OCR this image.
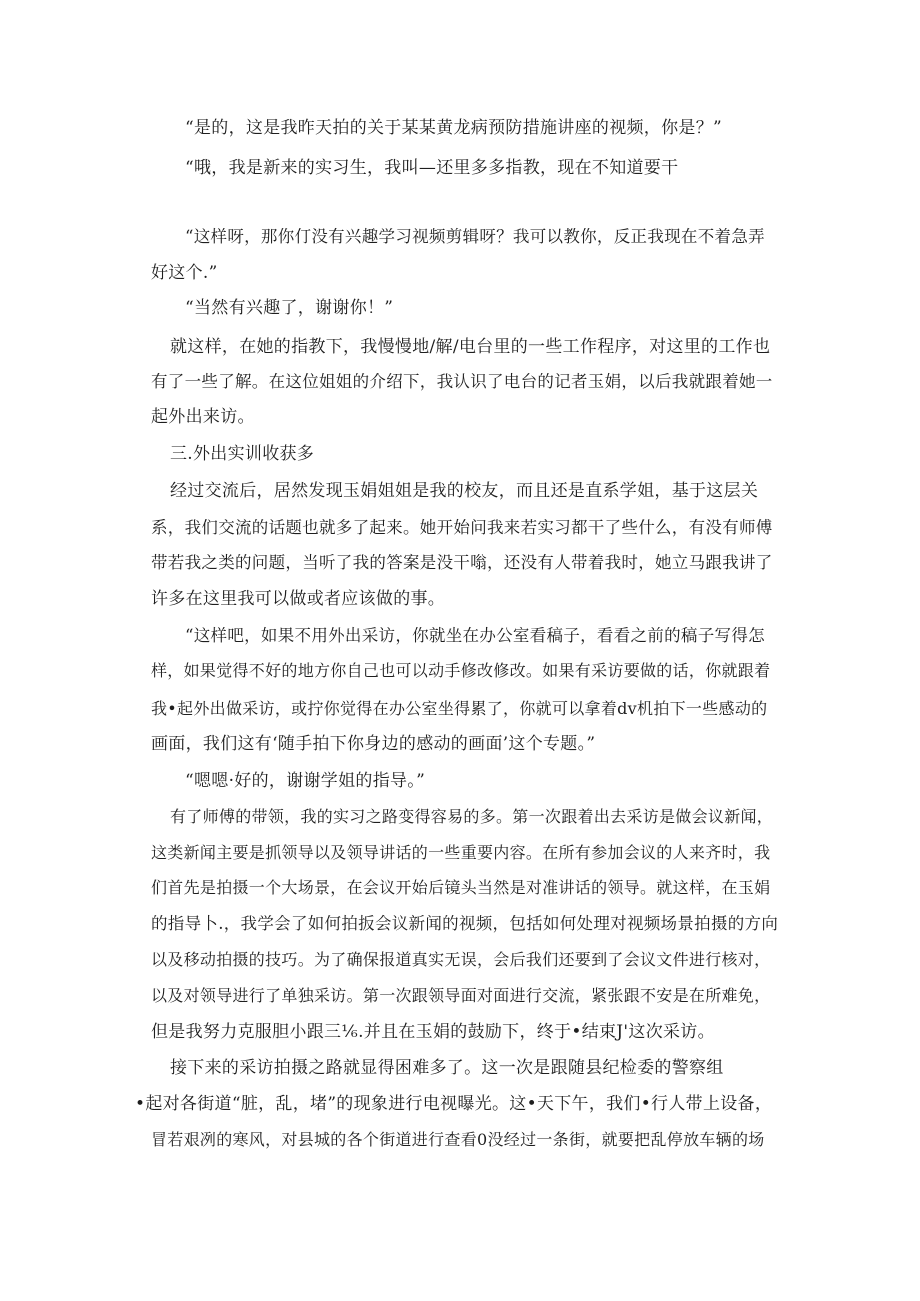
“是的，这是我昨天拍的关于某某黄龙病预防措施讲座的视频，你是？”

“哦，我是新来的实习生，我叫—还里多多指教，现在不知道要干

“这样呀，那你仃没有兴趣学习视频剪辑呀？我可以教你，反正我现在不着急弄

好这个.”

“当然有兴趣了，谢谢你！”

就这样，在她的指教下，我慢慢地/解/电台里的一些工作程序，对这里的工作也

有了一些了解。在这位姐姐的介绍下，我认识了电台的记者玉娟，以后我就跟着她一

起外出来访。

三.外出实训收获多

经过交流后，居然发现玉娟姐姐是我的校友，而且还是直系学姐，基于这层关

系，我们交流的话题也就多了起来。她开始问我来若实习都干了些什么，有没有师傅

带若我之类的问题，当听了我的答案是没干嗡，还没有人带着我时，她立马跟我讲了

许多在这里我可以做或者应该做的事。

“这样吧，如果不用外出采访，你就坐在办公室看稿子，看看之前的稿子写得怎

样，如果觉得不好的地方你自己也可以动手修改修改。如果有采访要做的话，你就跟着

我•起外出做采访，或拧你觉得在办公室坐得累了，你就可以拿着dv机拍下一些感动的

画面，我们这有‘随手拍下你身边的感动的画面’这个专题。”

“嗯嗯·好的，谢谢学姐的指导。”

有了师傅的带领，我的实习之路变得容易的多。第一次跟着出去采访是做会议新闻，

这类新闻主要是抓领导以及领导讲话的一些重要内容。在所有参加会议的人来齐时，我

们首先是拍摄一个大场景，在会议开始后镜头当然是对准讲话的领导。就这样，在玉娟

的指导卜.，我学会了如何拍扳会议新闻的视频，包括如何处理对视频场景拍摄的方向

以及移动拍摄的技巧。为了确保报道真实无误，会后我们还要到了会议文件进行核对，

以及对领导进行了单独采访。第一次跟领导面对面进行交流，紧张跟不安是在所难免，

但是我努力克服胆小跟三⅙.并且在玉娟的鼓励下，终于•结束J'这次采访。

接下来的采访拍摄之路就显得困难多了。这一次是跟随县纪检委的警察组

•起对各街道“脏，乱，堵”的现象进行电视曝光。这•天下午，我们•行人带上设备，

冒若艰冽的寒风，对县城的各个街道进行查看0没经过一条街，就要把乱停放车辆的场
